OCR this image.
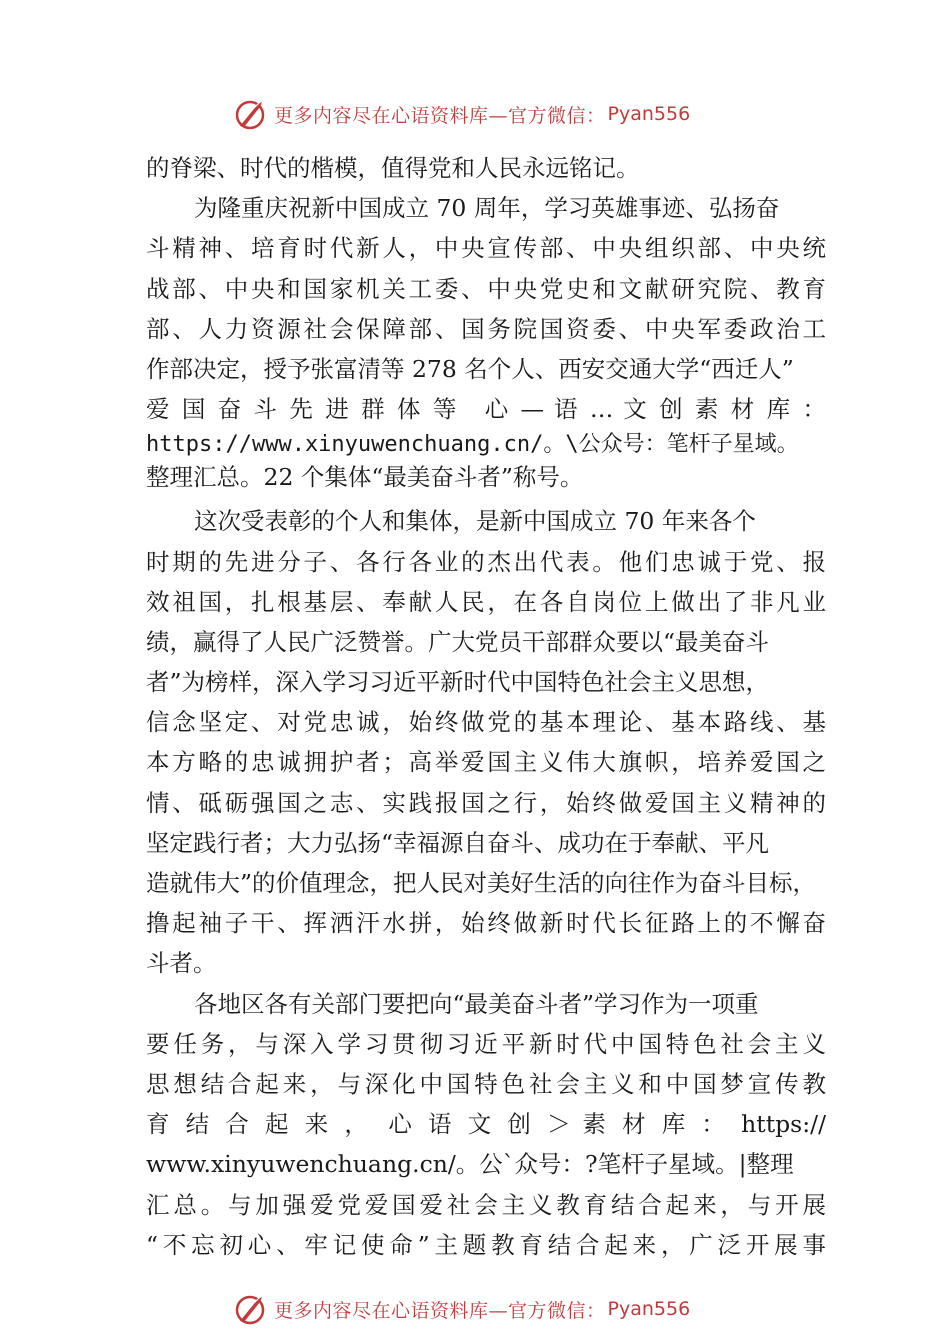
更多内容尽在心语资料库—官方微信： Pyan556
的脊梁、时代的楷模，值得党和人民永远铭记。
为隆重庆祝新中国成立 70 周年，学习英雄事迹、弘扬奋
斗精神、培育时代新人，中央宣传部、中央组织部、中央统
战部、中央和国家机关工委、中央党史和文献研究院、教育
部、人力资源社会保障部、国务院国资委、中央军委政治工
作部决定，授予张富清等 278 名个人、西安交通大学“西迁人”
爱 国 奋 斗 先 进 群 体 等　心 — 语 … 文 创 素 材 库 ：
https://www.xinyuwenchuang.cn/。\公众号：笔杆子星域。
整理汇总。22 个集体“最美奋斗者”称号。
这次受表彰的个人和集体，是新中国成立 70 年来各个
时期的先进分子、各行各业的杰出代表。他们忠诚于党、报
效祖国，扎根基层、奉献人民，在各自岗位上做出了非凡业
绩，赢得了人民广泛赞誉。广大党员干部群众要以“最美奋斗
者”为榜样，深入学习习近平新时代中国特色社会主义思想，
信念坚定、对党忠诚，始终做党的基本理论、基本路线、基
本方略的忠诚拥护者；高举爱国主义伟大旗帜，培养爱国之
情、砥砺强国之志、实践报国之行，始终做爱国主义精神的
坚定践行者；大力弘扬“幸福源自奋斗、成功在于奉献、平凡
造就伟大”的价值理念，把人民对美好生活的向往作为奋斗目标，
撸起袖子干、挥洒汗水拼，始终做新时代长征路上的不懈奋
斗者。
各地区各有关部门要把向“最美奋斗者”学习作为一项重
要任务，与深入学习贯彻习近平新时代中国特色社会主义
思想结合起来，与深化中国特色社会主义和中国梦宣传教
育 结 合 起 来 ，　心 语 文 创 ＞ 素 材 库 ： https://
www.xinyuwenchuang.cn/。公`众号：?笔杆子星域。|整理
汇总。与加强爱党爱国爱社会主义教育结合起来，与开展
“不忘初心、牢记使命”主题教育结合起来，广泛开展事
更多内容尽在心语资料库—官方微信： Pyan556
